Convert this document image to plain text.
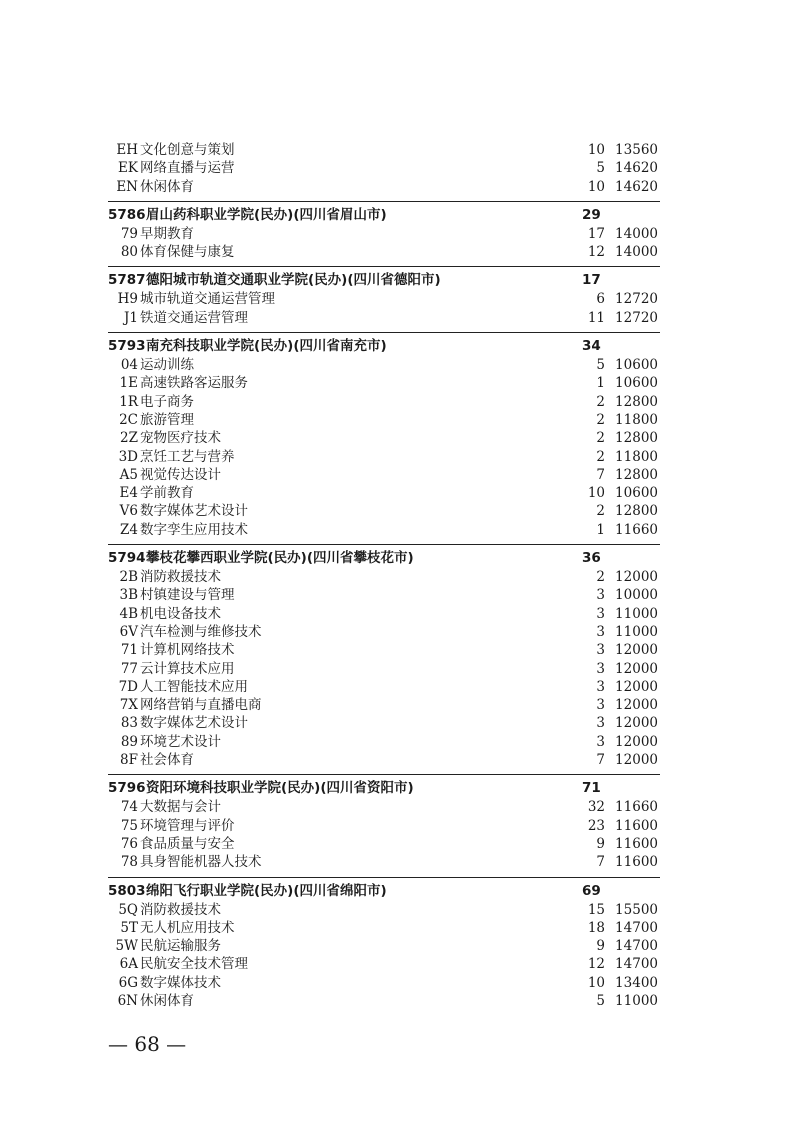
EH 文化创意与策划	10 13560
EK 网络直播与运营	5 14620
EN 休闲体育	10 14620
5786 眉山药科职业学院(民办)(四川省眉山市)	29
79 早期教育	17 14000
80 体育保健与康复	12 14000
5787 德阳城市轨道交通职业学院(民办)(四川省德阳市)	17
H9 城市轨道交通运营管理	6 12720
J1 铁道交通运营管理	11 12720
5793 南充科技职业学院(民办)(四川省南充市)	34
04 运动训练	5 10600
1E 高速铁路客运服务	1 10600
1R 电子商务	2 12800
2C 旅游管理	2 11800
2Z 宠物医疗技术	2 12800
3D 烹饪工艺与营养	2 11800
A5 视觉传达设计	7 12800
E4 学前教育	10 10600
V6 数字媒体艺术设计	2 12800
Z4 数字孪生应用技术	1 11660
5794 攀枝花攀西职业学院(民办)(四川省攀枝花市)	36
2B 消防救援技术	2 12000
3B 村镇建设与管理	3 10000
4B 机电设备技术	3 11000
6V 汽车检测与维修技术	3 11000
71 计算机网络技术	3 12000
77 云计算技术应用	3 12000
7D 人工智能技术应用	3 12000
7X 网络营销与直播电商	3 12000
83 数字媒体艺术设计	3 12000
89 环境艺术设计	3 12000
8F 社会体育	7 12000
5796 资阳环境科技职业学院(民办)(四川省资阳市)	71
74 大数据与会计	32 11660
75 环境管理与评价	23 11600
76 食品质量与安全	9 11600
78 具身智能机器人技术	7 11600
5803 绵阳飞行职业学院(民办)(四川省绵阳市)	69
5Q 消防救援技术	15 15500
5T 无人机应用技术	18 14700
5W 民航运输服务	9 14700
6A 民航安全技术管理	12 14700
6G 数字媒体技术	10 13400
6N 休闲体育	5 11000
— 68 —
